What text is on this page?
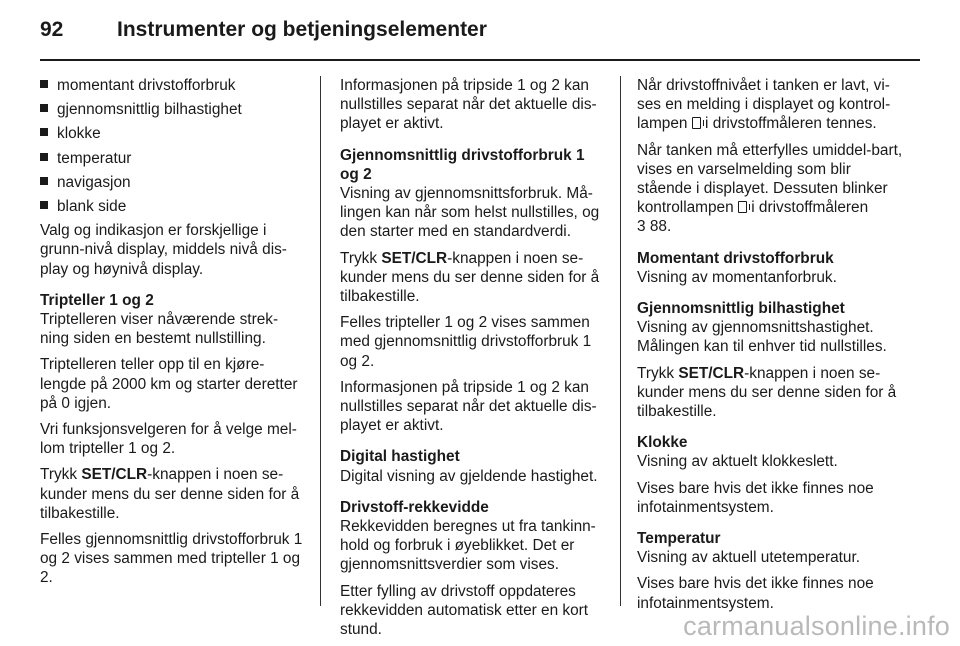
92	Instrumenter og betjeningselementer
momentant drivstofforbruk
gjennomsnittlig bilhastighet
klokke
temperatur
navigasjon
blank side

Valg og indikasjon er forskjellige i grunn-nivå display, middels nivå dis-play og høynivå display.

Tripteller 1 og 2

Triptelleren viser nåværende strek-ning siden en bestemt nullstilling.

Triptelleren teller opp til en kjøre-lengde på 2000 km og starter deretter på 0 igjen.

Vri funksjonsvelgeren for å velge mel-lom tripteller 1 og 2.

Trykk SET/CLR-knappen i noen se-kunder mens du ser denne siden for å tilbakestille.

Felles gjennomsnittlig drivstofforbruk 1 og 2 vises sammen med tripteller 1 og 2.

Informasjonen på tripside 1 og 2 kan nullstilles separat når det aktuelle dis-playet er aktivt.

Gjennomsnittlig drivstofforbruk 1 og 2

Visning av gjennomsnittsforbruk. Må-lingen kan når som helst nullstilles, og den starter med en standardverdi.

Trykk SET/CLR-knappen i noen se-kunder mens du ser denne siden for å tilbakestille.

Felles tripteller 1 og 2 vises sammen med gjennomsnittlig drivstofforbruk 1 og 2.

Informasjonen på tripside 1 og 2 kan nullstilles separat når det aktuelle dis-playet er aktivt.

Digital hastighet

Digital visning av gjeldende hastighet.

Drivstoff-rekkevidde

Rekkevidden beregnes ut fra tankinn-hold og forbruk i øyeblikket. Det er gjennomsnittsverdier som vises.

Etter fylling av drivstoff oppdateres rekkevidden automatisk etter en kort stund.

Når drivstoffnivået i tanken er lavt, vi-ses en melding i displayet og kontrol-lampen  i drivstoffmåleren tennes.

Når tanken må etterfylles umiddel-bart, vises en varselmelding som blir stående i displayet. Dessuten blinker kontrollampen  i drivstoffmåleren
3 88.

Momentant drivstofforbruk

Visning av momentanforbruk.

Gjennomsnittlig bilhastighet

Visning av gjennomsnittshastighet. Målingen kan til enhver tid nullstilles.

Trykk SET/CLR-knappen i noen se-kunder mens du ser denne siden for å tilbakestille.

Klokke

Visning av aktuelt klokkeslett.

Vises bare hvis det ikke finnes noe infotainmentsystem.

Temperatur

Visning av aktuell utetemperatur.

Vises bare hvis det ikke finnes noe infotainmentsystem.

carmanualsonline.info
